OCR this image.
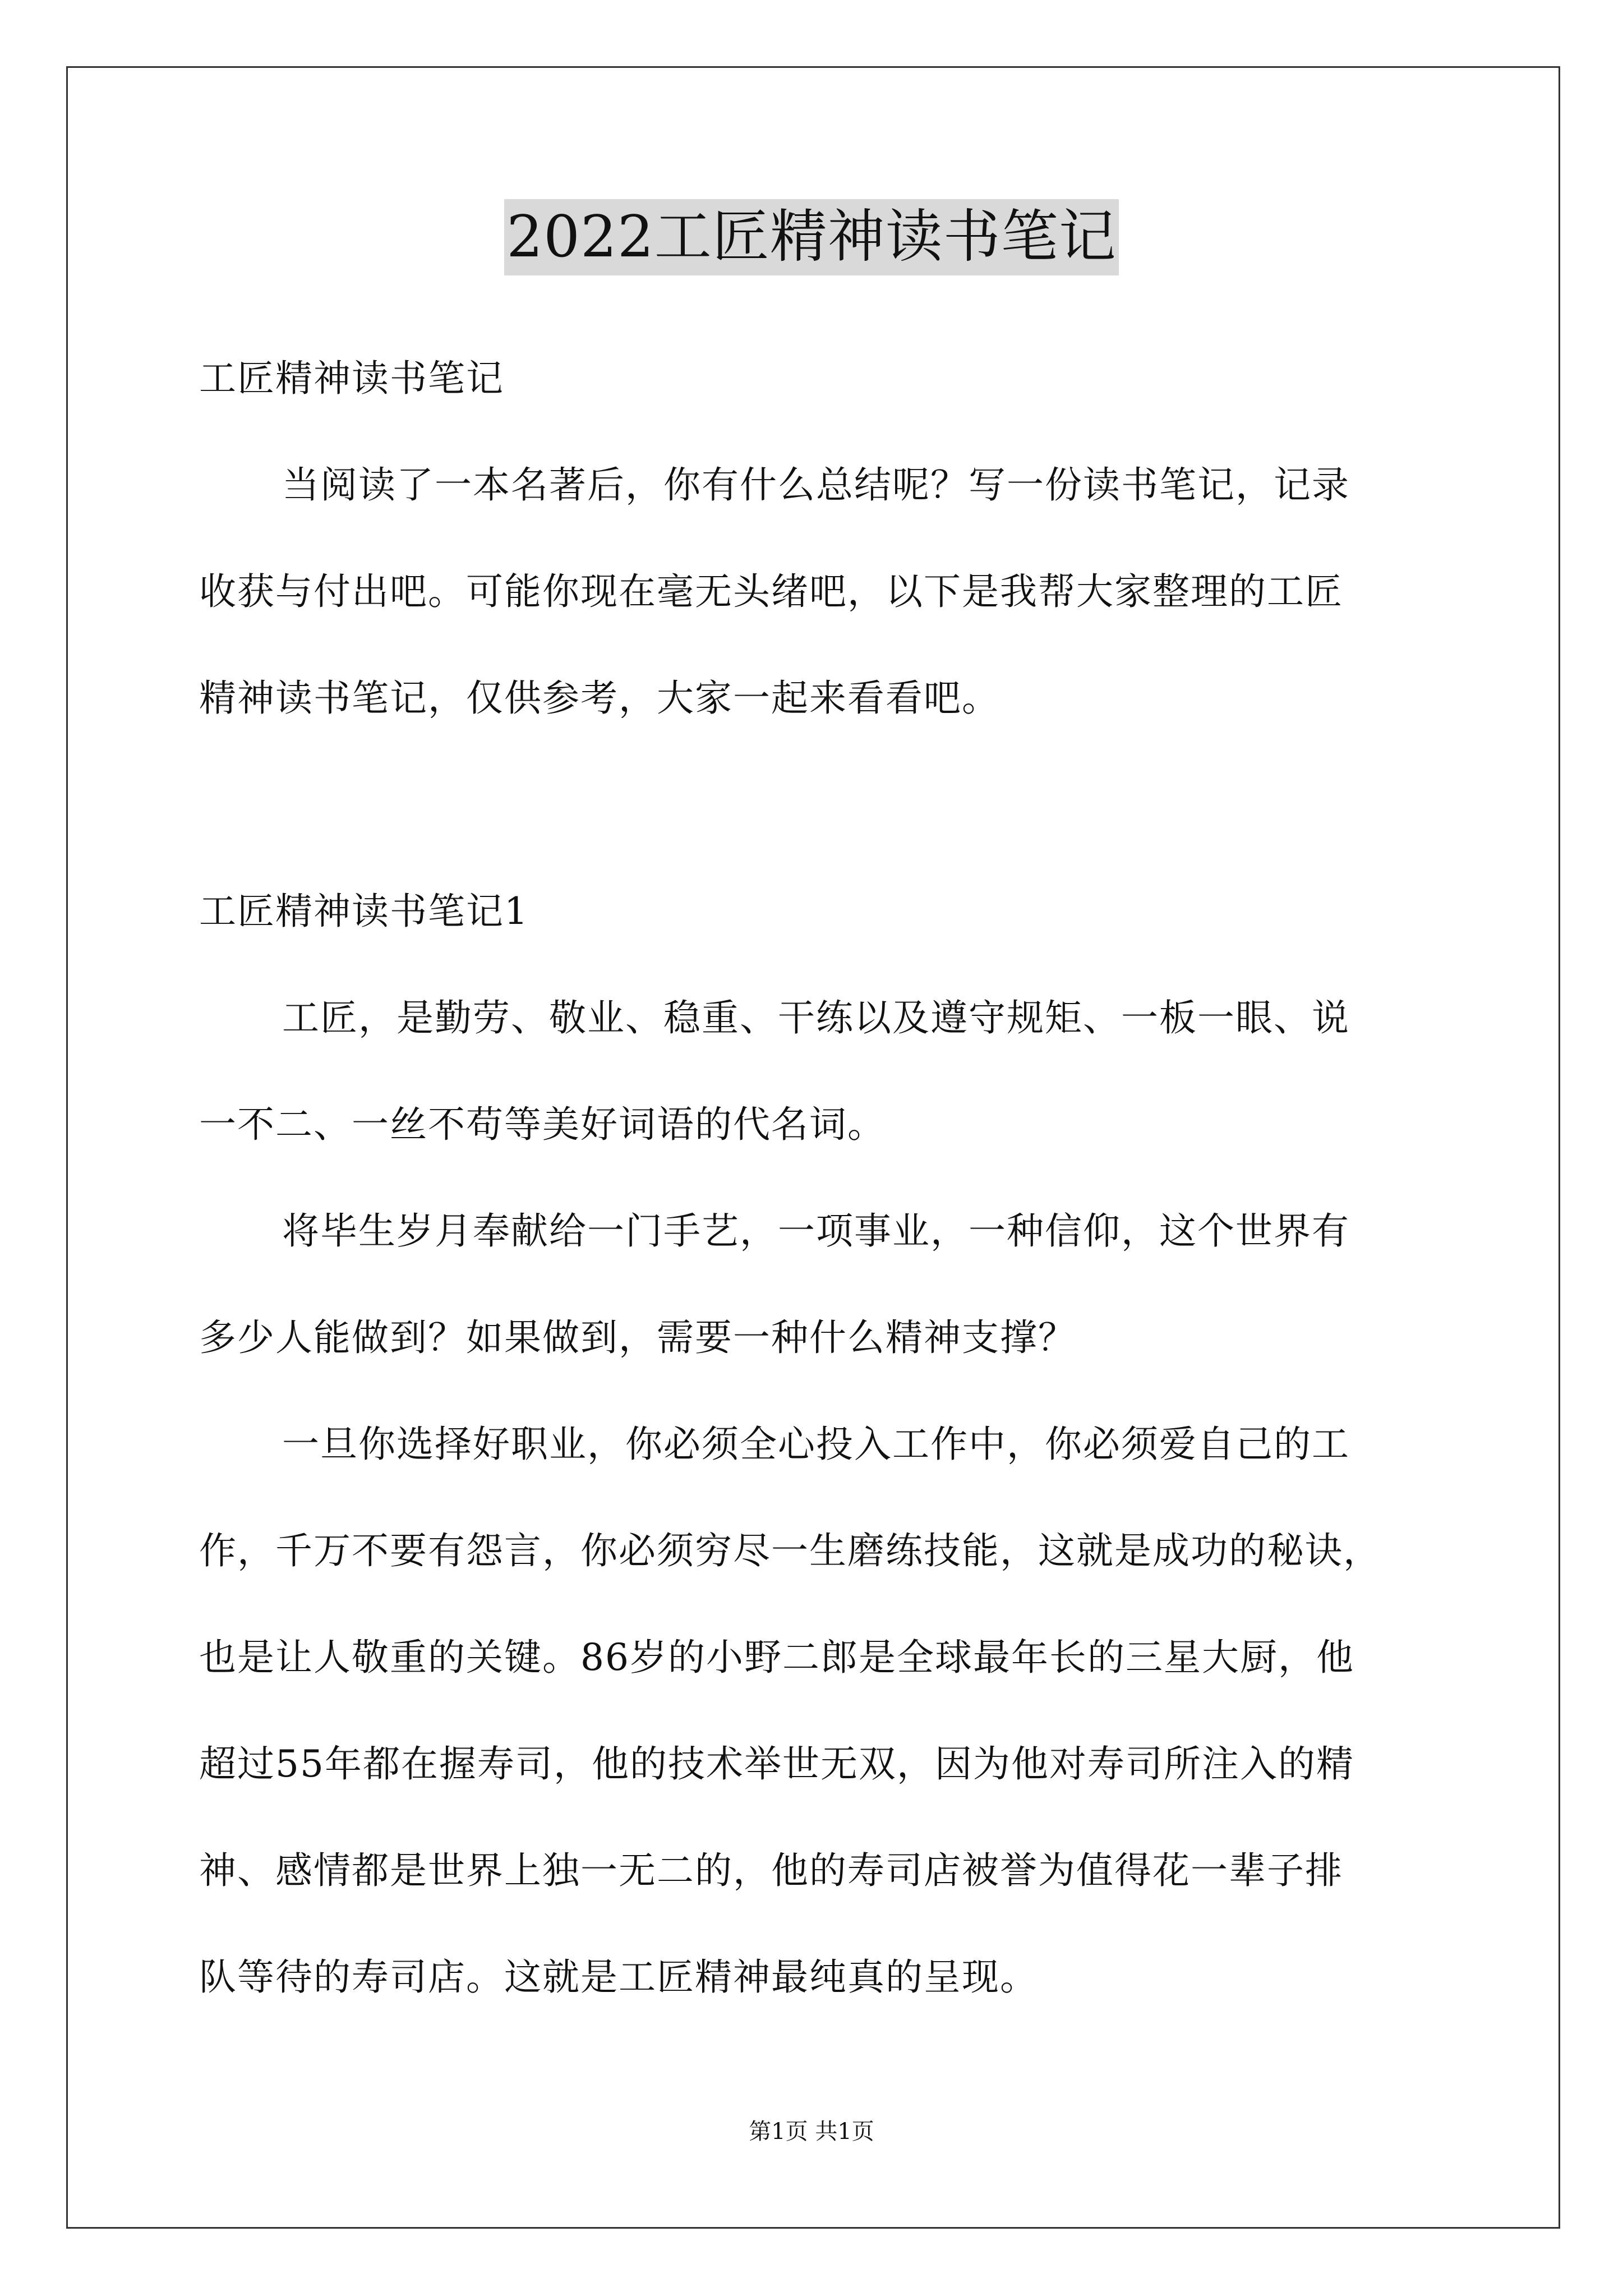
2022工匠精神读书笔记
工匠精神读书笔记
当阅读了一本名著后，你有什么总结呢？写一份读书笔记，记录
收获与付出吧。可能你现在毫无头绪吧，以下是我帮大家整理的工匠
精神读书笔记，仅供参考，大家一起来看看吧。
工匠精神读书笔记1
工匠，是勤劳、敬业、稳重、干练以及遵守规矩、一板一眼、说
一不二、一丝不苟等美好词语的代名词。
将毕生岁月奉献给一门手艺，一项事业，一种信仰，这个世界有
多少人能做到？如果做到，需要一种什么精神支撑？
一旦你选择好职业，你必须全心投入工作中，你必须爱自己的工
作，千万不要有怨言，你必须穷尽一生磨练技能，这就是成功的秘诀，
也是让人敬重的关键。86岁的小野二郎是全球最年长的三星大厨，他
超过55年都在握寿司，他的技术举世无双，因为他对寿司所注入的精
神、感情都是世界上独一无二的，他的寿司店被誉为值得花一辈子排
队等待的寿司店。这就是工匠精神最纯真的呈现。
第1页 共1页
